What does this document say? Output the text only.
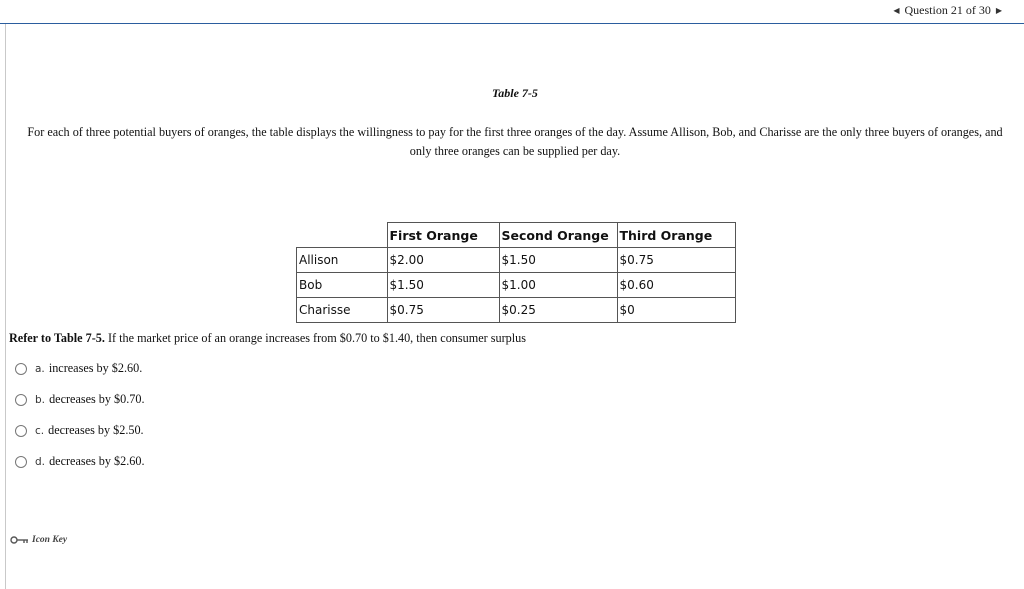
◀ Question 21 of 30 ▶
Table 7-5
For each of three potential buyers of oranges, the table displays the willingness to pay for the first three oranges of the day. Assume Allison, Bob, and Charisse are the only three buyers of oranges, and only three oranges can be supplied per day.
	First Orange	Second Orange	Third Orange
Allison	$2.00	$1.50	$0.75
Bob	$1.50	$1.00	$0.60
Charisse	$0.75	$0.25	$0
Refer to Table 7-5. If the market price of an orange increases from $0.70 to $1.40, then consumer surplus
a. increases by $2.60.
b. decreases by $0.70.
c. decreases by $2.50.
d. decreases by $2.60.
Icon Key
